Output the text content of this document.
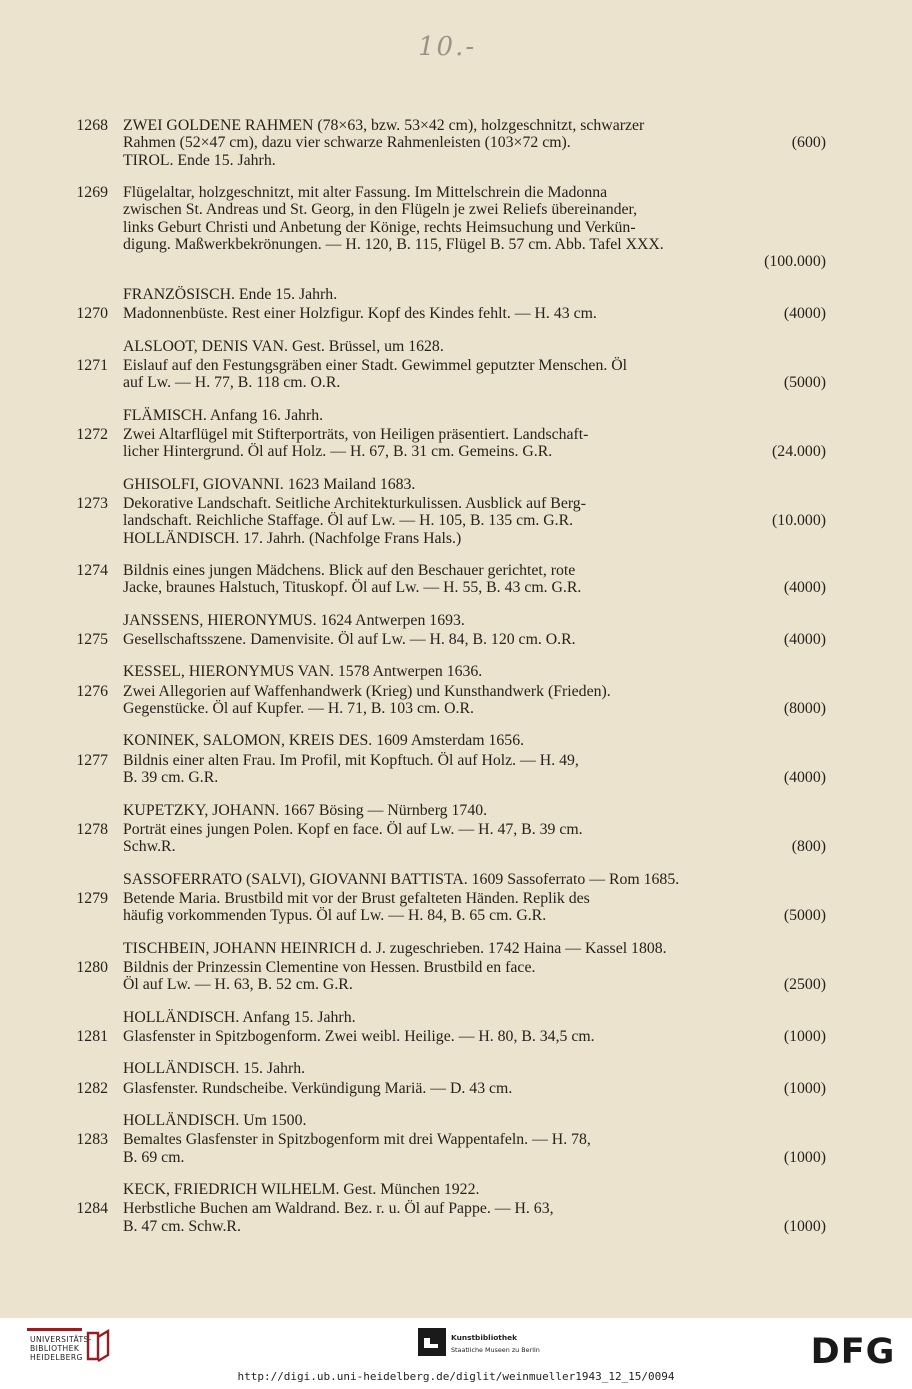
10.-
1268 ZWEI GOLDENE RAHMEN (78×63, bzw. 53×42 cm), holzgeschnitzt, schwarzer
Rahmen (52×47 cm), dazu vier schwarze Rahmenleisten (103×72 cm).	(600)
TIROL. Ende 15. Jahrh.
1269 Flügelaltar, holzgeschnitzt, mit alter Fassung. Im Mittelschrein die Madonna
zwischen St. Andreas und St. Georg, in den Flügeln je zwei Reliefs übereinander,
links Geburt Christi und Anbetung der Könige, rechts Heimsuchung und Verkün-
digung. Maßwerkbekrönungen. — H. 120, B. 115, Flügel B. 57 cm. Abb. Tafel XXX.
(100.000)
FRANZÖSISCH. Ende 15. Jahrh.
1270 Madonnenbüste. Rest einer Holzfigur. Kopf des Kindes fehlt. — H. 43 cm.	(4000)
ALSLOOT, DENIS VAN. Gest. Brüssel, um 1628.
1271 Eislauf auf den Festungsgräben einer Stadt. Gewimmel geputzter Menschen. Öl
auf Lw. — H. 77, B. 118 cm. O.R.	(5000)
FLÄMISCH. Anfang 16. Jahrh.
1272 Zwei Altarflügel mit Stifterporträts, von Heiligen präsentiert. Landschaft-
licher Hintergrund. Öl auf Holz. — H. 67, B. 31 cm. Gemeins. G.R.	(24.000)
GHISOLFI, GIOVANNI. 1623 Mailand 1683.
1273 Dekorative Landschaft. Seitliche Architekturkulissen. Ausblick auf Berg-
landschaft. Reichliche Staffage. Öl auf Lw. — H. 105, B. 135 cm. G.R.	(10.000)
HOLLÄNDISCH. 17. Jahrh. (Nachfolge Frans Hals.)
1274 Bildnis eines jungen Mädchens. Blick auf den Beschauer gerichtet, rote
Jacke, braunes Halstuch, Tituskopf. Öl auf Lw. — H. 55, B. 43 cm. G.R.	(4000)
JANSSENS, HIERONYMUS. 1624 Antwerpen 1693.
1275 Gesellschaftsszene. Damenvisite. Öl auf Lw. — H. 84, B. 120 cm. O.R.	(4000)
KESSEL, HIERONYMUS VAN. 1578 Antwerpen 1636.
1276 Zwei Allegorien auf Waffenhandwerk (Krieg) und Kunsthandwerk (Frieden).
Gegenstücke. Öl auf Kupfer. — H. 71, B. 103 cm. O.R.	(8000)
KONINEK, SALOMON, KREIS DES. 1609 Amsterdam 1656.
1277 Bildnis einer alten Frau. Im Profil, mit Kopftuch. Öl auf Holz. — H. 49,
B. 39 cm. G.R.	(4000)
KUPETZKY, JOHANN. 1667 Bösing — Nürnberg 1740.
1278 Porträt eines jungen Polen. Kopf en face. Öl auf Lw. — H. 47, B. 39 cm.
Schw.R.	(800)
SASSOFERRATO (SALVI), GIOVANNI BATTISTA. 1609 Sassoferrato — Rom 1685.
1279 Betende Maria. Brustbild mit vor der Brust gefalteten Händen. Replik des
häufig vorkommenden Typus. Öl auf Lw. — H. 84, B. 65 cm. G.R.	(5000)
TISCHBEIN, JOHANN HEINRICH d. J. zugeschrieben. 1742 Haina — Kassel 1808.
1280 Bildnis der Prinzessin Clementine von Hessen. Brustbild en face.
Öl auf Lw. — H. 63, B. 52 cm. G.R.	(2500)
HOLLÄNDISCH. Anfang 15. Jahrh.
1281 Glasfenster in Spitzbogenform. Zwei weibl. Heilige. — H. 80, B. 34,5 cm.	(1000)
HOLLÄNDISCH. 15. Jahrh.
1282 Glasfenster. Rundscheibe. Verkündigung Mariä. — D. 43 cm.	(1000)
HOLLÄNDISCH. Um 1500.
1283 Bemaltes Glasfenster in Spitzbogenform mit drei Wappentafeln. — H. 78,
B. 69 cm.	(1000)
KECK, FRIEDRICH WILHELM. Gest. München 1922.
1284 Herbstliche Buchen am Waldrand. Bez. r. u. Öl auf Pappe. — H. 63,
B. 47 cm. Schw.R.	(1000)
UNIVERSITÄTS-
BIBLIOTHEK
HEIDELBERG
Kunstbibliothek
Staatliche Museen zu Berlin	DFG
http://digi.ub.uni-heidelberg.de/diglit/weinmueller1943_12_15/0094
